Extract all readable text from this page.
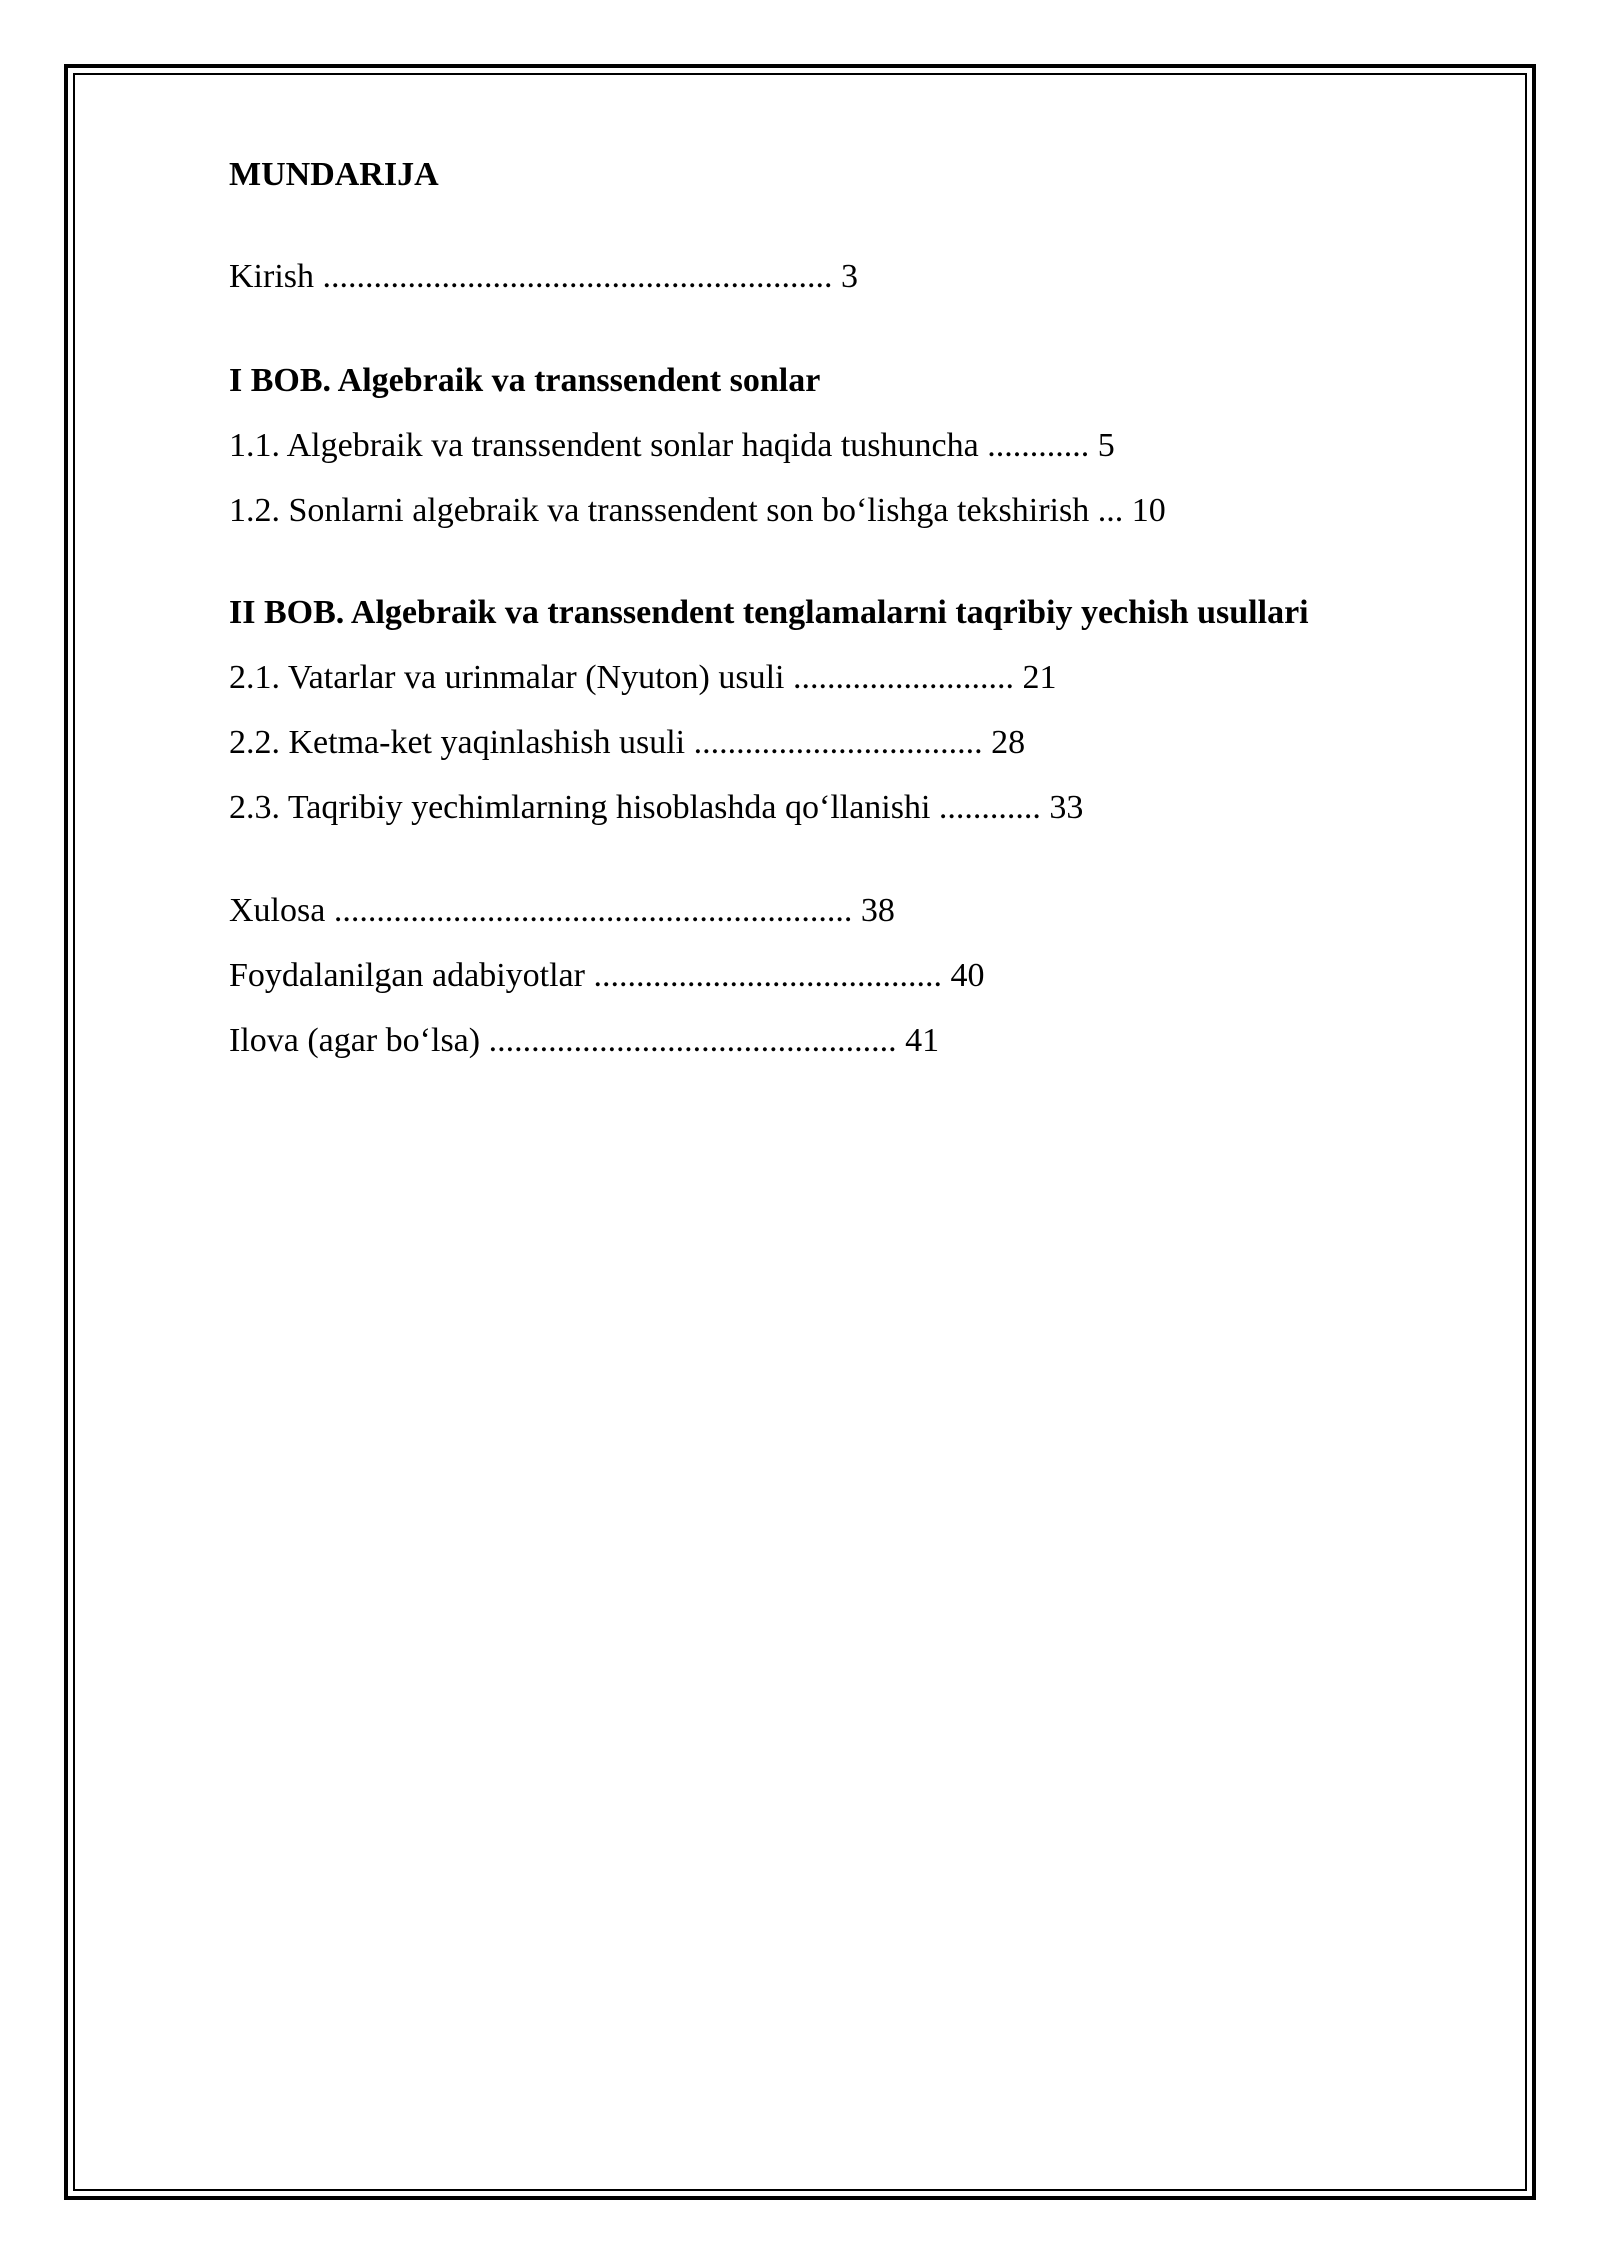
MUNDARIJA
Kirish ............................................................ 3
I BOB. Algebraik va transsendent sonlar
1.1. Algebraik va transsendent sonlar haqida tushuncha ............ 5
1.2. Sonlarni algebraik va transsendent son bo‘lishga tekshirish ... 10
II BOB. Algebraik va transsendent tenglamalarni taqribiy yechish usullari
2.1. Vatarlar va urinmalar (Nyuton) usuli .......................... 21
2.2. Ketma-ket yaqinlashish usuli .................................. 28
2.3. Taqribiy yechimlarning hisoblashda qo‘llanishi ............ 33
Xulosa ............................................................. 38
Foydalanilgan adabiyotlar ......................................... 40
Ilova (agar bo‘lsa) ................................................ 41
